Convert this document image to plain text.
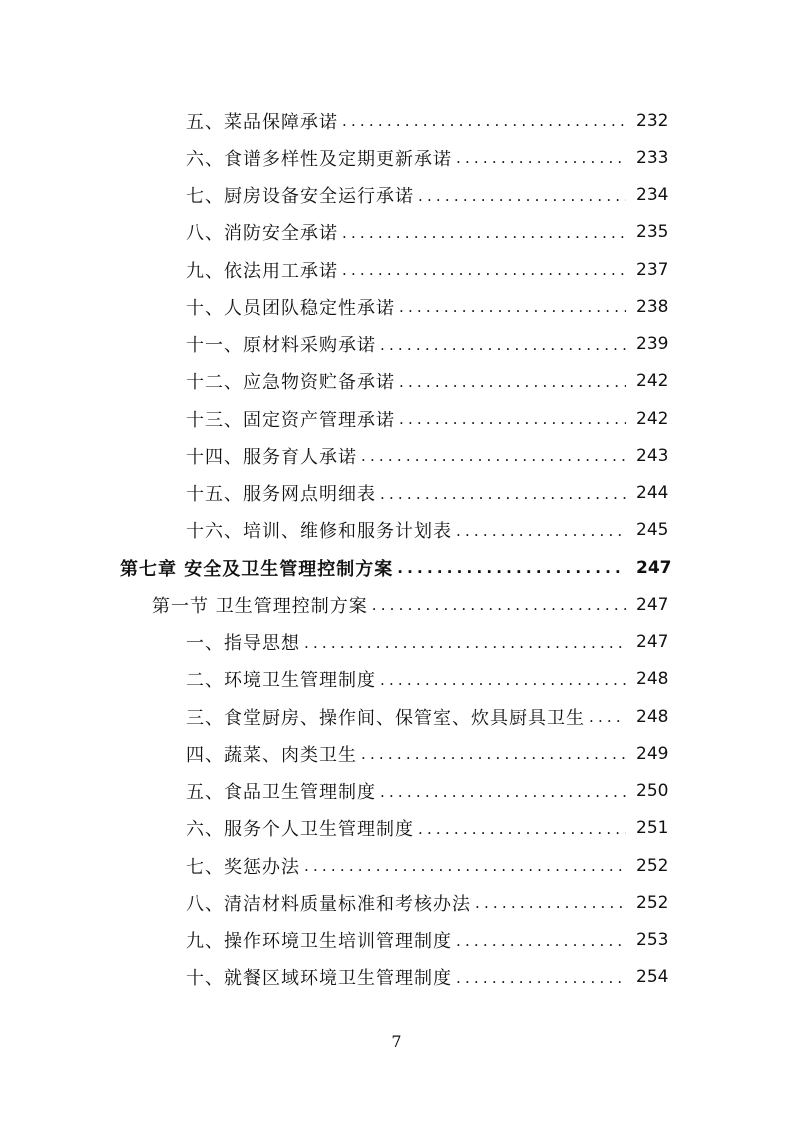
五、菜品保障承诺 .....	232
六、食谱多样性及定期更新承诺 .....	233
七、厨房设备安全运行承诺 .....	234
八、消防安全承诺 .....	235
九、依法用工承诺 .....	237
十、人员团队稳定性承诺 .....	238
十一、原材料采购承诺 .....	239
十二、应急物资贮备承诺 .....	242
十三、固定资产管理承诺 .....	242
十四、服务育人承诺 .....	243
十五、服务网点明细表 .....	244
十六、培训、维修和服务计划表 .....	245
第七章 安全及卫生管理控制方案 .....	247
第一节 卫生管理控制方案 .....	247
一、指导思想 .....	247
二、环境卫生管理制度 .....	248
三、食堂厨房、操作间、保管室、炊具厨具卫生 .....	248
四、蔬菜、肉类卫生 .....	249
五、食品卫生管理制度 .....	250
六、服务个人卫生管理制度 .....	251
七、奖惩办法 .....	252
八、清洁材料质量标准和考核办法 .....	252
九、操作环境卫生培训管理制度 .....	253
十、就餐区域环境卫生管理制度 .....	254
7
